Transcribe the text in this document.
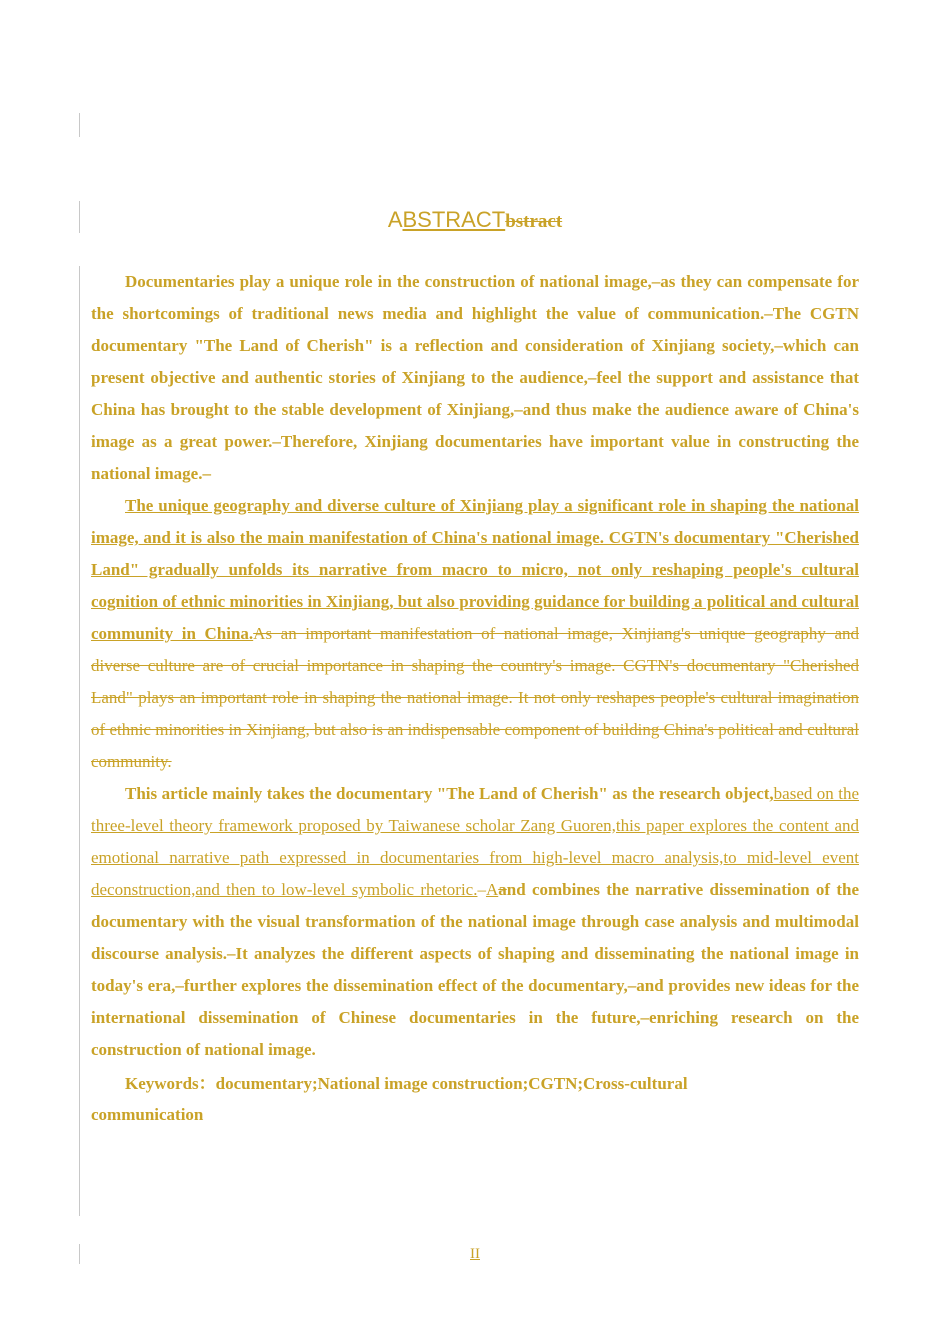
ABSTRACTbstract

Documentaries play a unique role in the construction of national image,–as they can compensate for the shortcomings of traditional news media and highlight the value of communication.–The CGTN documentary "The Land of Cherish" is a reflection and consideration of Xinjiang society,–which can present objective and authentic stories of Xinjiang to the audience,–feel the support and assistance that China has brought to the stable development of Xinjiang,–and thus make the audience aware of China's image as a great power.–Therefore, Xinjiang documentaries have important value in constructing the national image.–

The unique geography and diverse culture of Xinjiang play a significant role in shaping the national image, and it is also the main manifestation of China's national image. CGTN's documentary "Cherished Land" gradually unfolds its narrative from macro to micro, not only reshaping people's cultural cognition of ethnic minorities in Xinjiang, but also providing guidance for building a political and cultural community in China.As an important manifestation of national image, Xinjiang's unique geography and diverse culture are of crucial importance in shaping the country's image. CGTN's documentary "Cherished Land" plays an important role in shaping the national image. It not only reshapes people's cultural imagination of ethnic minorities in Xinjiang, but also is an indispensable component of building China's political and cultural community.

This article mainly takes the documentary "The Land of Cherish" as the research object,based on the three-level theory framework proposed by Taiwanese scholar Zang Guoren,this paper explores the content and emotional narrative path expressed in documentaries from high-level macro analysis,to mid-level event deconstruction,and then to low-level symbolic rhetoric.–Aand combines the narrative dissemination of the documentary with the visual transformation of the national image through case analysis and multimodal discourse analysis.–It analyzes the different aspects of shaping and disseminating the national image in today's era,–further explores the dissemination effect of the documentary,–and provides new ideas for the international dissemination of Chinese documentaries in the future,–enriching research on the construction of national image.

Keywords：documentary;National image construction;CGTN;Cross-cultural
communication

II
